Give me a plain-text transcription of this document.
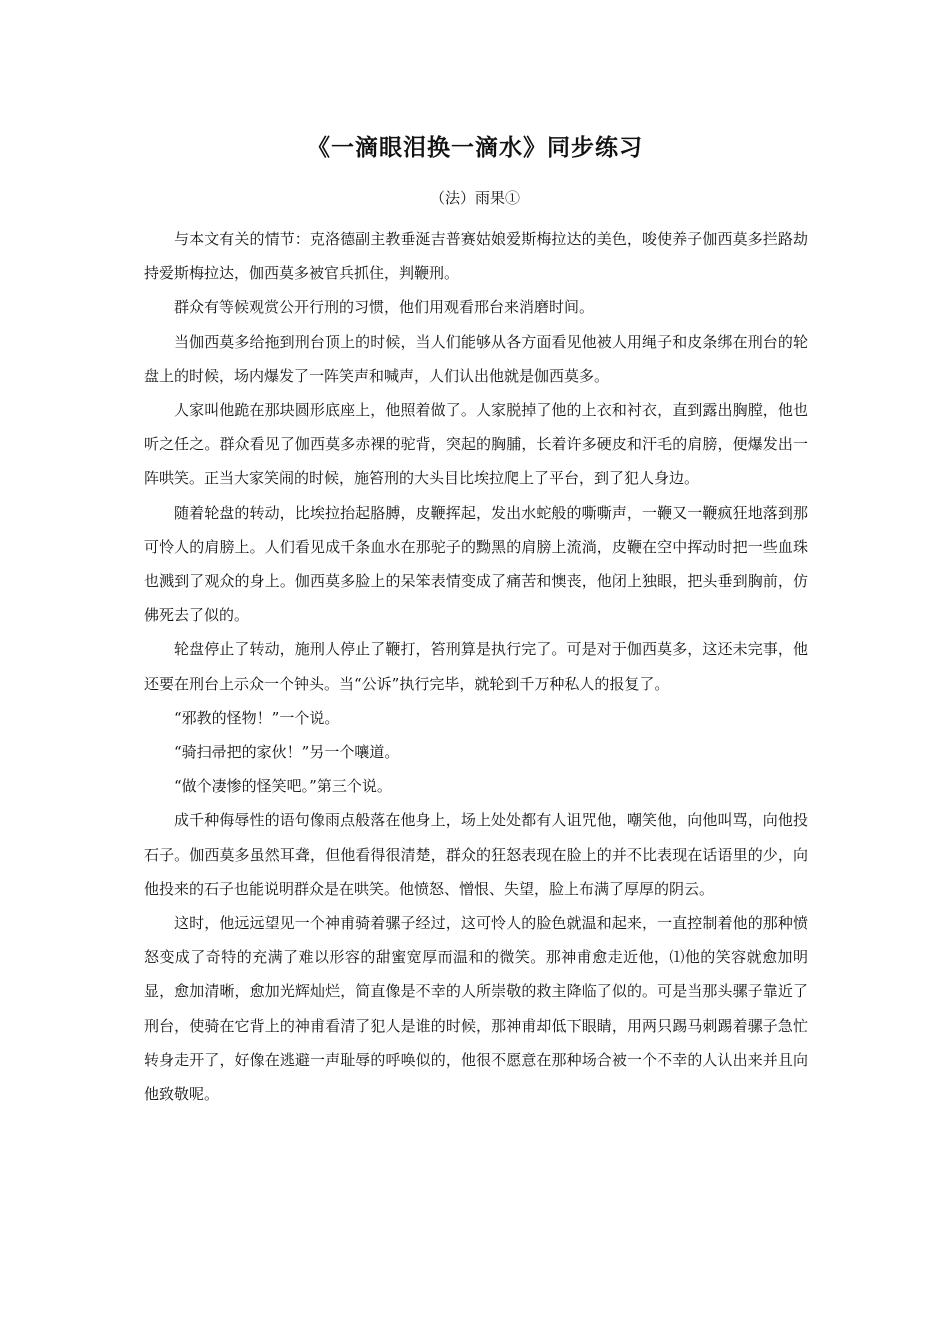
《一滴眼泪换一滴水》同步练习
（法）雨果①

与本文有关的情节：克洛德副主教垂涎吉普赛姑娘爱斯梅拉达的美色，唆使养子伽西莫多拦路劫持爱斯梅拉达，伽西莫多被官兵抓住，判鞭刑。

群众有等候观赏公开行刑的习惯，他们用观看邢台来消磨时间。

当伽西莫多给拖到刑台顶上的时候，当人们能够从各方面看见他被人用绳子和皮条绑在刑台的轮盘上的时候，场内爆发了一阵笑声和喊声，人们认出他就是伽西莫多。

人家叫他跪在那块圆形底座上，他照着做了。人家脱掉了他的上衣和衬衣，直到露出胸膛，他也听之任之。群众看见了伽西莫多赤裸的驼背，突起的胸脯，长着许多硬皮和汗毛的肩膀，便爆发出一阵哄笑。正当大家笑闹的时候，施笞刑的大头目比埃拉爬上了平台，到了犯人身边。

随着轮盘的转动，比埃拉抬起胳膊，皮鞭挥起，发出水蛇般的嘶嘶声，一鞭又一鞭疯狂地落到那可怜人的肩膀上。人们看见成千条血水在那驼子的黝黑的肩膀上流淌，皮鞭在空中挥动时把一些血珠也溅到了观众的身上。伽西莫多脸上的呆笨表情变成了痛苦和懊丧，他闭上独眼，把头垂到胸前，仿佛死去了似的。

轮盘停止了转动，施刑人停止了鞭打，笞刑算是执行完了。可是对于伽西莫多，这还未完事，他还要在刑台上示众一个钟头。当“公诉”执行完毕，就轮到千万种私人的报复了。

“邪教的怪物！”一个说。

“骑扫帚把的家伙！”另一个嚷道。

“做个凄惨的怪笑吧。”第三个说。

成千种侮辱性的语句像雨点般落在他身上，场上处处都有人诅咒他，嘲笑他，向他叫骂，向他投石子。伽西莫多虽然耳聋，但他看得很清楚，群众的狂怒表现在脸上的并不比表现在话语里的少，向他投来的石子也能说明群众是在哄笑。他愤怒、憎恨、失望，脸上布满了厚厚的阴云。

这时，他远远望见一个神甫骑着骡子经过，这可怜人的脸色就温和起来，一直控制着他的那种愤怒变成了奇特的充满了难以形容的甜蜜宽厚而温和的微笑。那神甫愈走近他，⑴他的笑容就愈加明显，愈加清晰，愈加光辉灿烂，简直像是不幸的人所崇敬的救主降临了似的。可是当那头骡子靠近了刑台，使骑在它背上的神甫看清了犯人是谁的时候，那神甫却低下眼睛，用两只踢马刺踢着骡子急忙转身走开了，好像在逃避一声耻辱的呼唤似的，他很不愿意在那种场合被一个不幸的人认出来并且向他致敬呢。
